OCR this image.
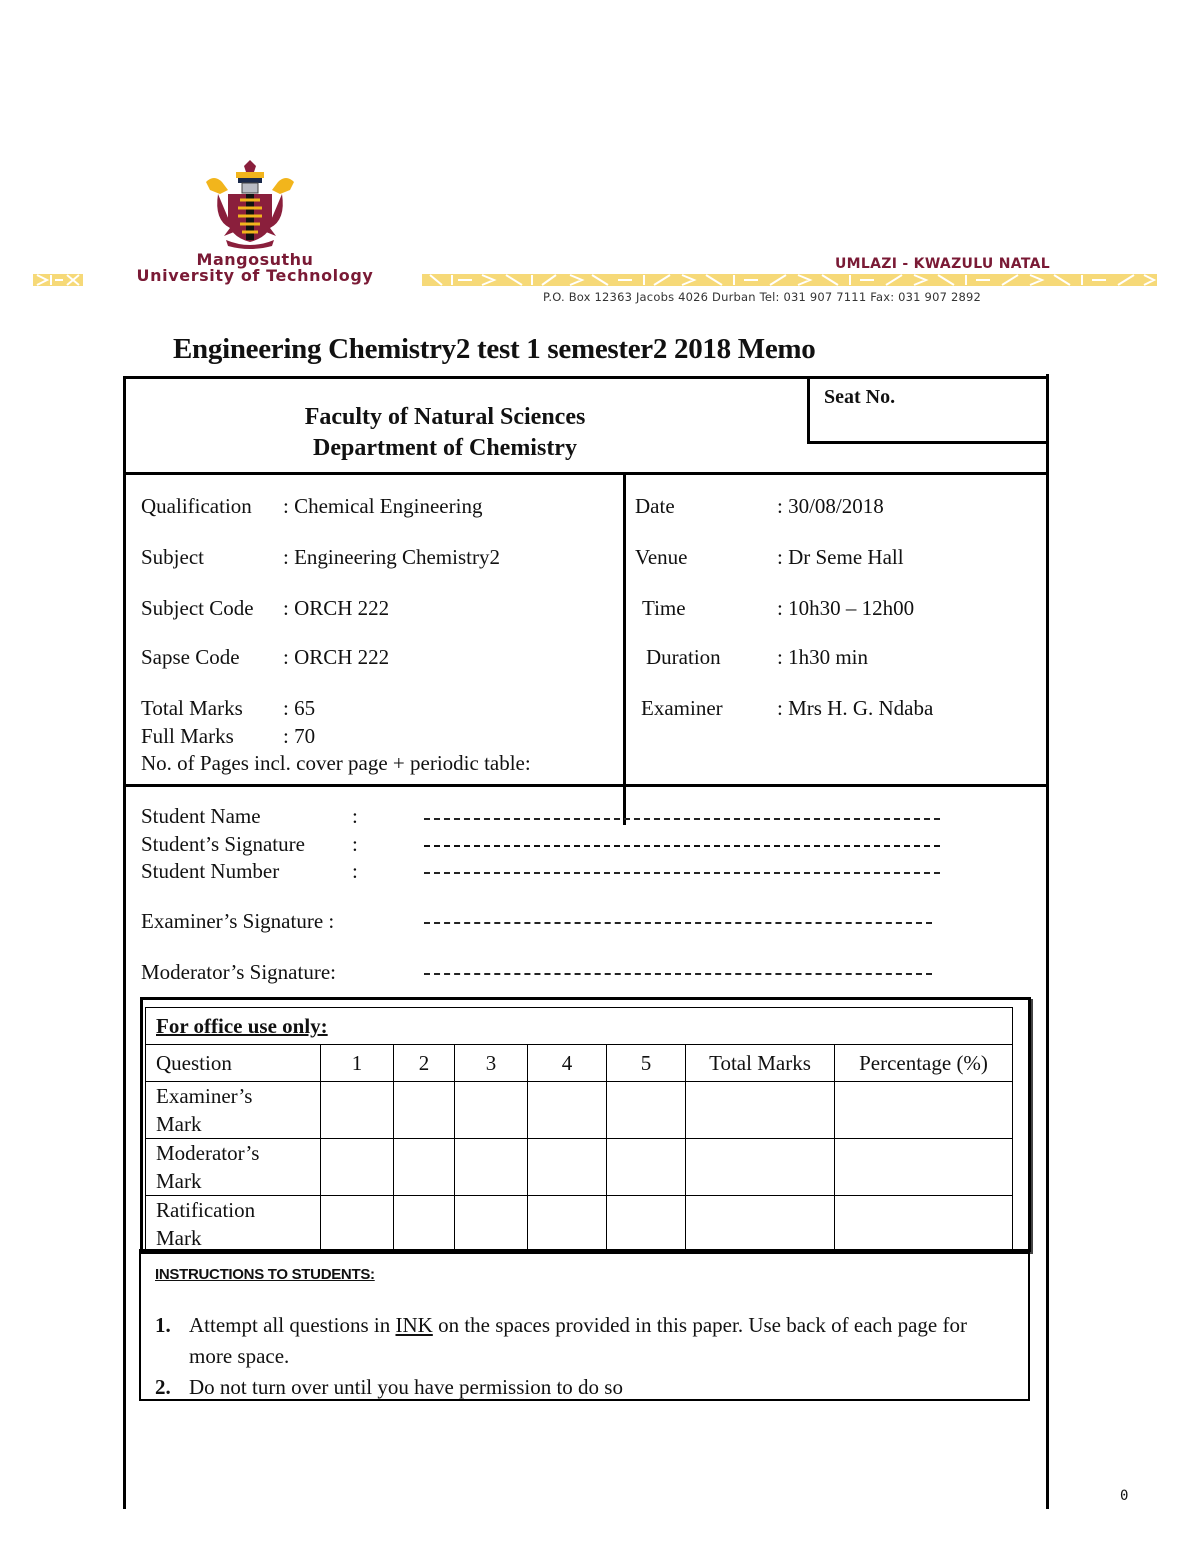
Mangosuthu
University of Technology
UMLAZI - KWAZULU NATAL
P.O. Box 12363 Jacobs 4026 Durban Tel: 031 907 7111 Fax: 031 907 2892
Engineering Chemistry2 test 1 semester2 2018 Memo
Seat No.
Faculty of Natural Sciences
Department of Chemistry
Qualification : Chemical Engineering
Subject	: Engineering Chemistry2
Subject Code : ORCH 222
Sapse Code : ORCH 222
Total Marks : 65
Full Marks : 70
No. of Pages incl. cover page + periodic table:
Date	: 30/08/2018
Venue	: Dr Seme Hall
Time	: 10h30 – 12h00
Duration	: 1h30 min
Examiner	: Mrs H. G. Ndaba
Student Name	:
Student’s Signature :
Student Number	:
Examiner’s Signature :
Moderator’s Signature:
For office use only:							
Question	1	2	3	4	5	Total Marks	Percentage (%)

Examiner’s
Mark							

Moderator’s
Mark							

Ratification
Mark							

INSTRUCTIONS TO STUDENTS:
1. Attempt all questions in INK on the spaces provided in this paper. Use back of each page for more space.
2. Do not turn over until you have permission to do so
0
